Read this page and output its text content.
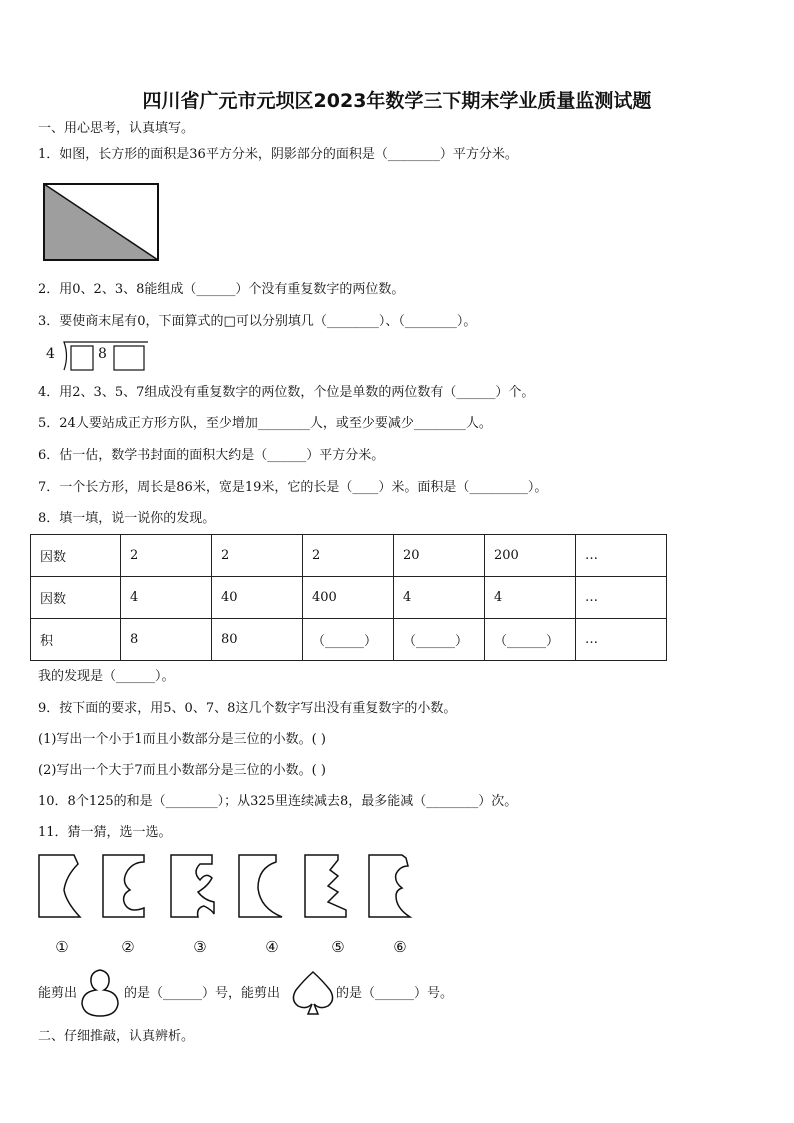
四川省广元市元坝区2023年数学三下期末学业质量监测试题
一、用心思考，认真填写。
1．如图，长方形的面积是36平方分米，阴影部分的面积是（________）平方分米。
2．用0、2、3、8能组成（______）个没有重复数字的两位数。
3．要使商末尾有0，下面算式的□可以分别填几（________）、（________）。
4	8
4．用2、3、5、7组成没有重复数字的两位数，个位是单数的两位数有（______）个。
5．24人要站成正方形方队，至少增加________人，或至少要减少________人。
6．估一估，数学书封面的面积大约是（______）平方分米。
7．一个长方形，周长是86米，宽是19米，它的长是（____）米。面积是（_________）。
8．填一填，说一说你的发现。
因数	2	2	2	20	200	…
因数	4	40	400	4	4	…
积	8	80	（______）	（______）	（______）	…
我的发现是（______）。
9．按下面的要求，用5、0、7、8这几个数字写出没有重复数字的小数。
(1)写出一个小于1而且小数部分是三位的小数。( )
(2)写出一个大于7而且小数部分是三位的小数。( )
10．8个125的和是（________）；从325里连续减去8，最多能减（________）次。
11．猜一猜，选一选。
①	②	③	④	⑤	⑥
能剪出	的是（______）号，能剪出	的是（______）号。
二、仔细推敲，认真辨析。
